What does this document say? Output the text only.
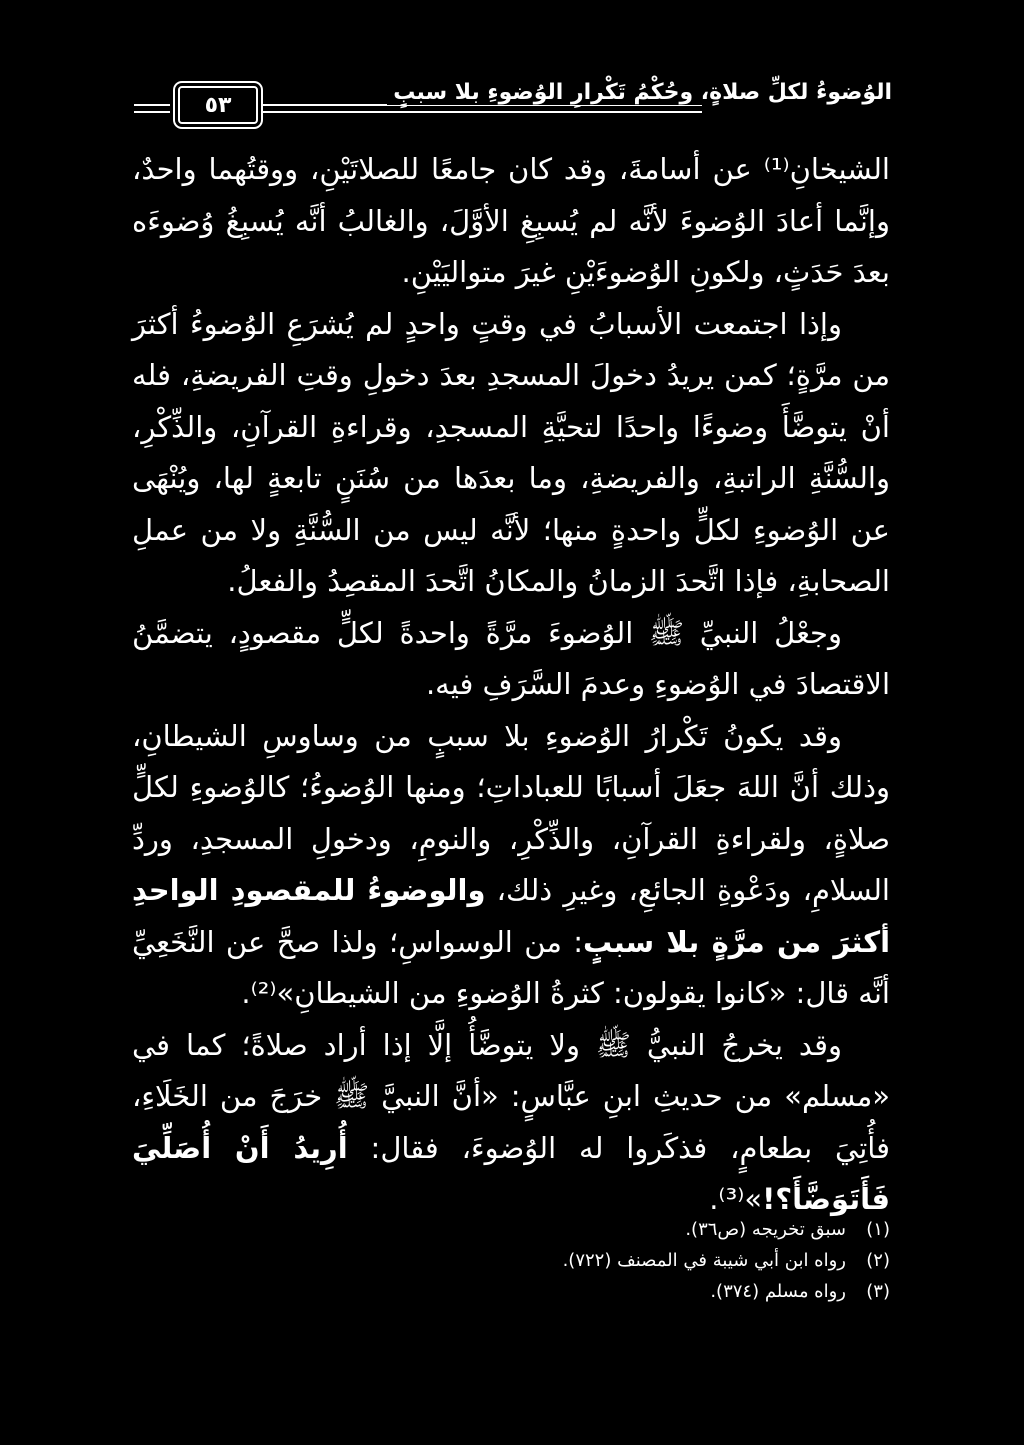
٥٣	الوُضوءُ لكلِّ صلاةٍ، وحُكْمُ تَكْرارِ الوُضوءِ بلا سببٍ

الشيخانِ⁽¹⁾ عن أسامةَ، وقد كان جامعًا للصلاتَيْنِ، ووقتُهما واحدٌ، وإنَّما أعادَ الوُضوءَ لأنَّه لم يُسبِغِ الأوَّلَ، والغالبُ أنَّه يُسبِغُ وُضوءَه بعدَ حَدَثٍ، ولكونِ الوُضوءَيْنِ غيرَ متواليَيْنِ.

وإذا اجتمعت الأسبابُ في وقتٍ واحدٍ لم يُشرَعِ الوُضوءُ أكثرَ من مرَّةٍ؛ كمن يريدُ دخولَ المسجدِ بعدَ دخولِ وقتِ الفريضةِ، فله أنْ يتوضَّأَ وضوءًا واحدًا لتحيَّةِ المسجدِ، وقراءةِ القرآنِ، والذِّكْرِ، والسُّنَّةِ الراتبةِ، والفريضةِ، وما بعدَها من سُنَنٍ تابعةٍ لها، ويُنْهَى عن الوُضوءِ لكلٍّ واحدةٍ منها؛ لأنَّه ليس من السُّنَّةِ ولا من عملِ الصحابةِ، فإذا اتَّحدَ الزمانُ والمكانُ اتَّحدَ المقصِدُ والفعلُ.

وجعْلُ النبيِّ ﷺ الوُضوءَ مرَّةً واحدةً لكلٍّ مقصودٍ، يتضمَّنُ الاقتصادَ في الوُضوءِ وعدمَ السَّرَفِ فيه.

وقد يكونُ تَكْرارُ الوُضوءِ بلا سببٍ من وساوسِ الشيطانِ، وذلك أنَّ اللهَ جعَلَ أسبابًا للعباداتِ؛ ومنها الوُضوءُ؛ كالوُضوءِ لكلٍّ صلاةٍ، ولقراءةِ القرآنِ، والذِّكْرِ، والنومِ، ودخولِ المسجدِ، وردِّ السلامِ، ودَعْوةِ الجائعِ، وغيرِ ذلك، والوضوءُ للمقصودِ الواحدِ أكثرَ من مرَّةٍ بلا سببٍ: من الوسواسِ؛ ولذا صحَّ عن النَّخَعِيِّ أنَّه قال: «كانوا يقولون: كثرةُ الوُضوءِ من الشيطانِ»⁽²⁾.

وقد يخرجُ النبيُّ ﷺ ولا يتوضَّأُ إلَّا إذا أراد صلاةً؛ كما في «مسلم» من حديثِ ابنِ عبَّاسٍ: «أنَّ النبيَّ ﷺ خرَجَ من الخَلَاءِ، فأُتِيَ بطعامٍ، فذكَروا له الوُضوءَ، فقال: أُرِيدُ أَنْ أُصَلِّيَ فَأَتَوَضَّأَ؟!»⁽³⁾.

(١)سبق تخريجه (ص٣٦).
(٢)رواه ابن أبي شيبة في المصنف (٧٢٢).
(٣)رواه مسلم (٣٧٤).
